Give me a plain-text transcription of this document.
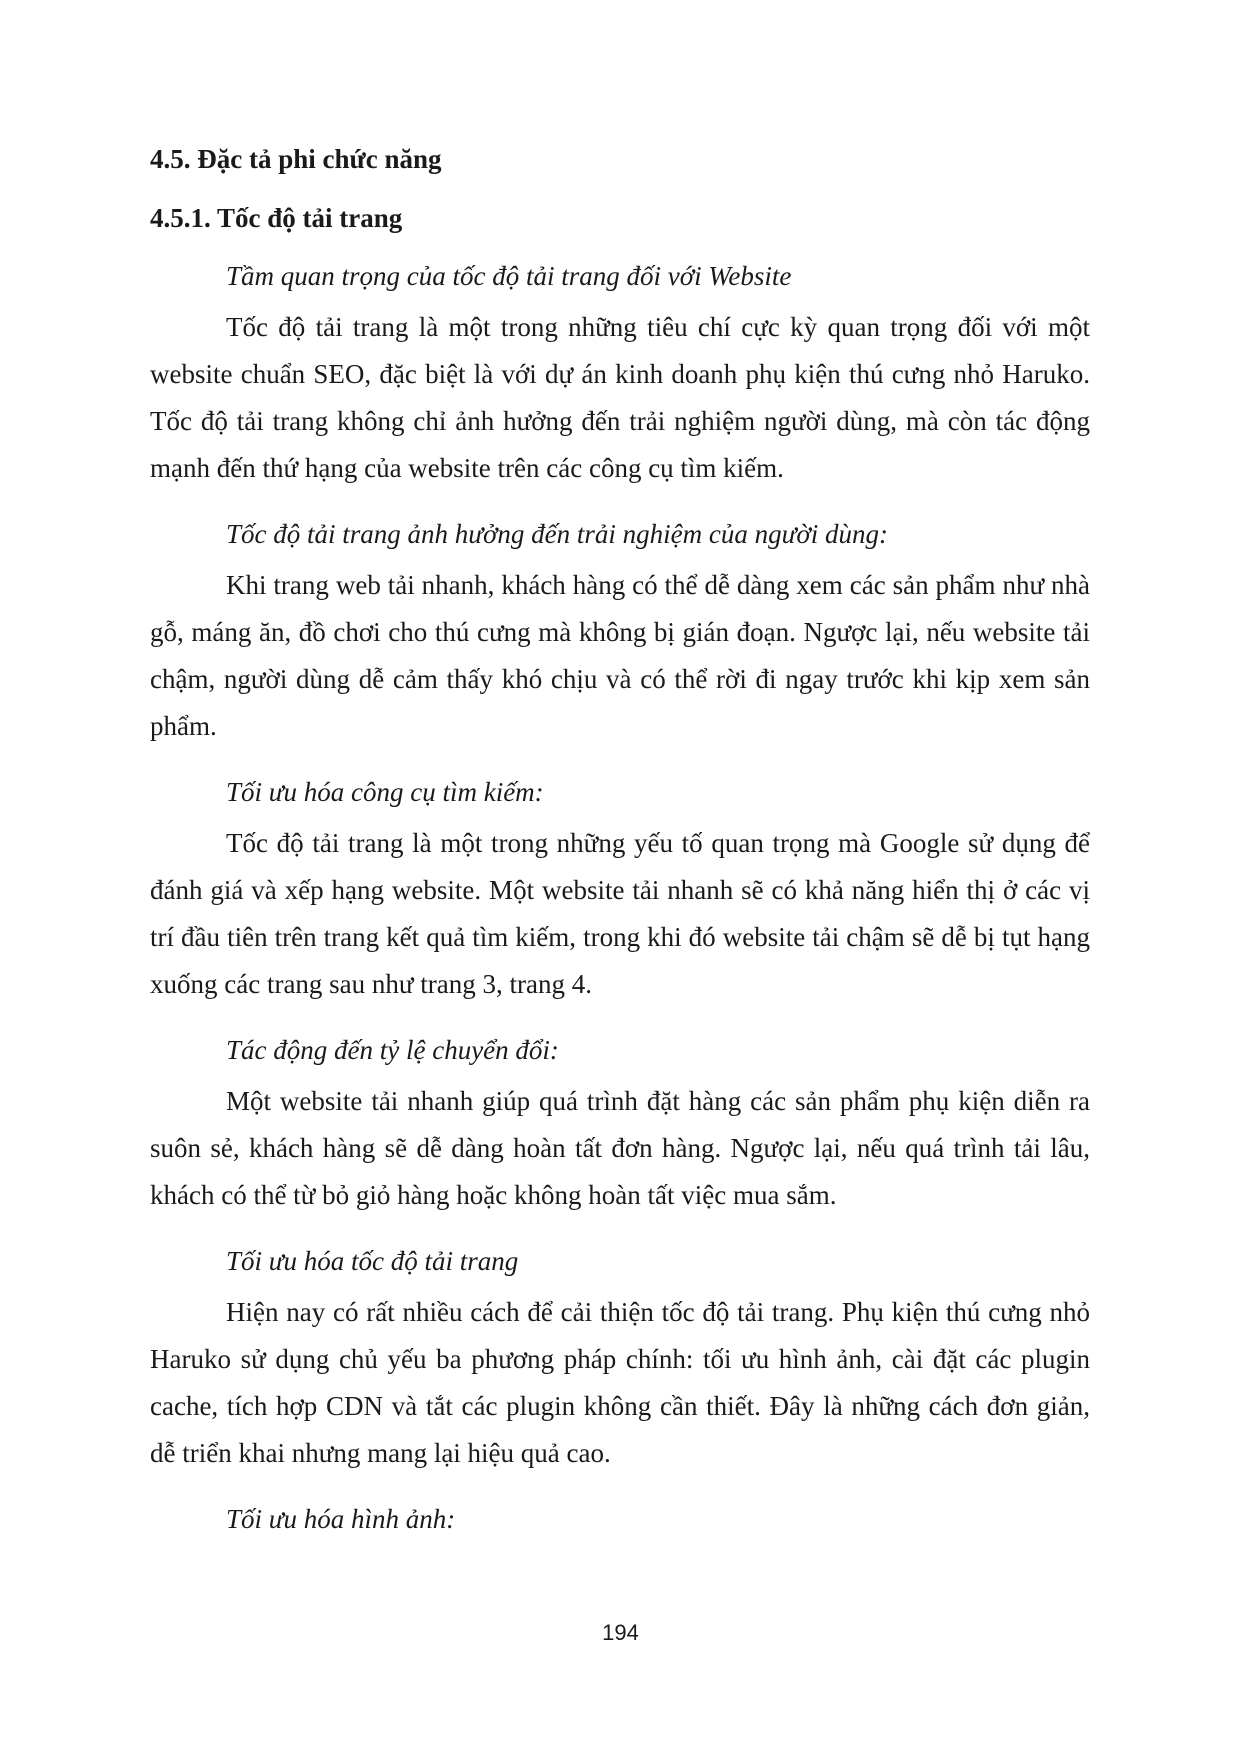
4.5. Đặc tả phi chức năng
4.5.1. Tốc độ tải trang

Tầm quan trọng của tốc độ tải trang đối với Website

Tốc độ tải trang là một trong những tiêu chí cực kỳ quan trọng đối với một website chuẩn SEO, đặc biệt là với dự án kinh doanh phụ kiện thú cưng nhỏ Haruko. Tốc độ tải trang không chỉ ảnh hưởng đến trải nghiệm người dùng, mà còn tác động mạnh đến thứ hạng của website trên các công cụ tìm kiếm.

Tốc độ tải trang ảnh hưởng đến trải nghiệm của người dùng:

Khi trang web tải nhanh, khách hàng có thể dễ dàng xem các sản phẩm như nhà gỗ, máng ăn, đồ chơi cho thú cưng mà không bị gián đoạn. Ngược lại, nếu website tải chậm, người dùng dễ cảm thấy khó chịu và có thể rời đi ngay trước khi kịp xem sản phẩm.

Tối ưu hóa công cụ tìm kiếm:

Tốc độ tải trang là một trong những yếu tố quan trọng mà Google sử dụng để đánh giá và xếp hạng website. Một website tải nhanh sẽ có khả năng hiển thị ở các vị trí đầu tiên trên trang kết quả tìm kiếm, trong khi đó website tải chậm sẽ dễ bị tụt hạng xuống các trang sau như trang 3, trang 4.

Tác động đến tỷ lệ chuyển đổi:

Một website tải nhanh giúp quá trình đặt hàng các sản phẩm phụ kiện diễn ra suôn sẻ, khách hàng sẽ dễ dàng hoàn tất đơn hàng. Ngược lại, nếu quá trình tải lâu, khách có thể từ bỏ giỏ hàng hoặc không hoàn tất việc mua sắm.

Tối ưu hóa tốc độ tải trang

Hiện nay có rất nhiều cách để cải thiện tốc độ tải trang. Phụ kiện thú cưng nhỏ Haruko sử dụng chủ yếu ba phương pháp chính: tối ưu hình ảnh, cài đặt các plugin cache, tích hợp CDN và tắt các plugin không cần thiết. Đây là những cách đơn giản, dễ triển khai nhưng mang lại hiệu quả cao.

Tối ưu hóa hình ảnh:

194
